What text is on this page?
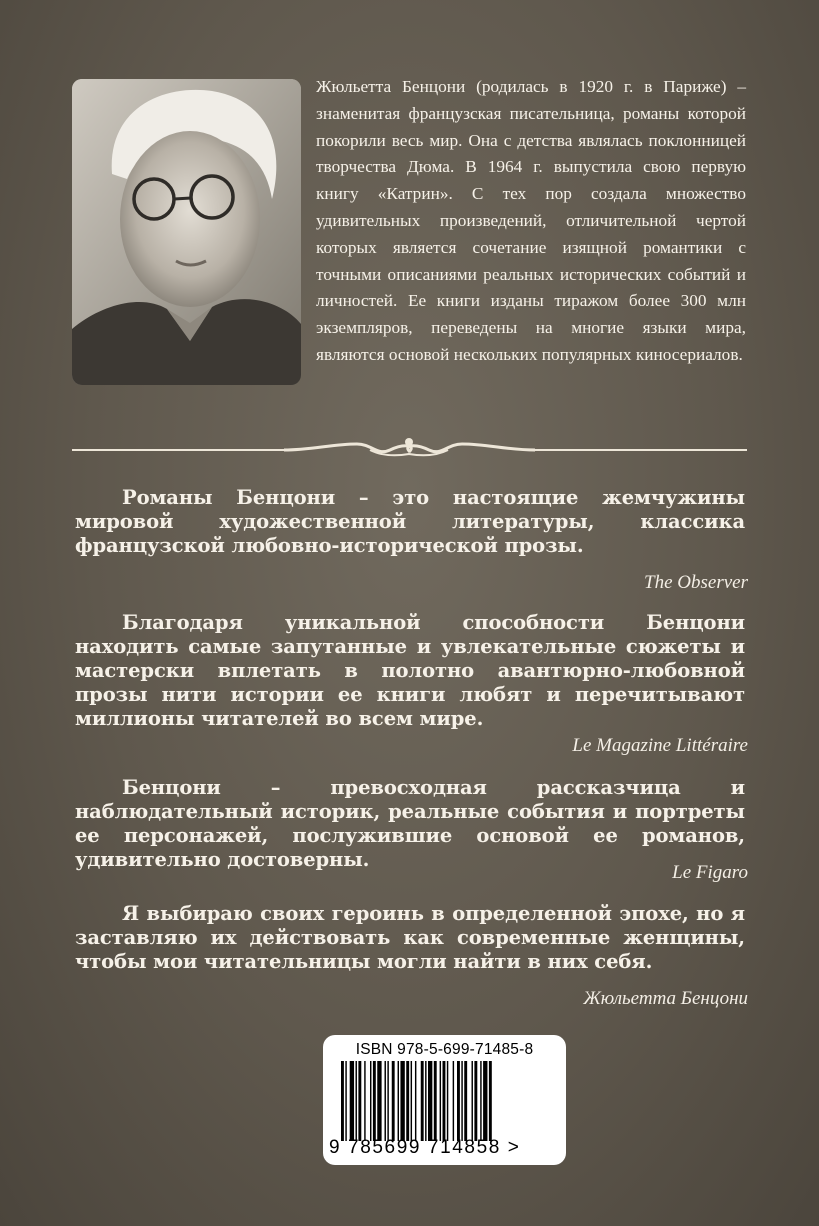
Жюльетта Бенцони (родилась в 1920 г. в Париже) – знаменитая французская писательница, романы которой покорили весь мир. Она с детства являлась поклонницей творчества Дюма. В 1964 г. выпустила свою первую книгу «Катрин». С тех пор создала множество удивительных произведений, отличительной чертой которых является сочетание изящной романтики с точными описаниями реальных исторических событий и личностей. Ее книги изданы тиражом более 300 млн экземпляров, переведены на многие языки мира, являются основой нескольких популярных киносериалов.

Романы Бенцони – это настоящие жемчужины мировой художественной литературы, классика французской любовно-исторической прозы.

The Observer

Благодаря уникальной способности Бенцони находить самые запутанные и увлекательные сюжеты и мастерски вплетать в полотно авантюрно-любовной прозы нити истории ее книги любят и перечитывают миллионы читателей во всем мире.

Le Magazine Littéraire

Бенцони – превосходная рассказчица и наблюдательный историк, реальные события и портреты ее персонажей, послужившие основой ее романов, удивительно достоверны.

Le Figaro

Я выбираю своих героинь в определенной эпохе, но я заставляю их действовать как современные женщины, чтобы мои читательницы могли найти в них себя.

Жюльетта Бенцони

ISBN 978-5-699-71485-8
9 785699 714858 >
